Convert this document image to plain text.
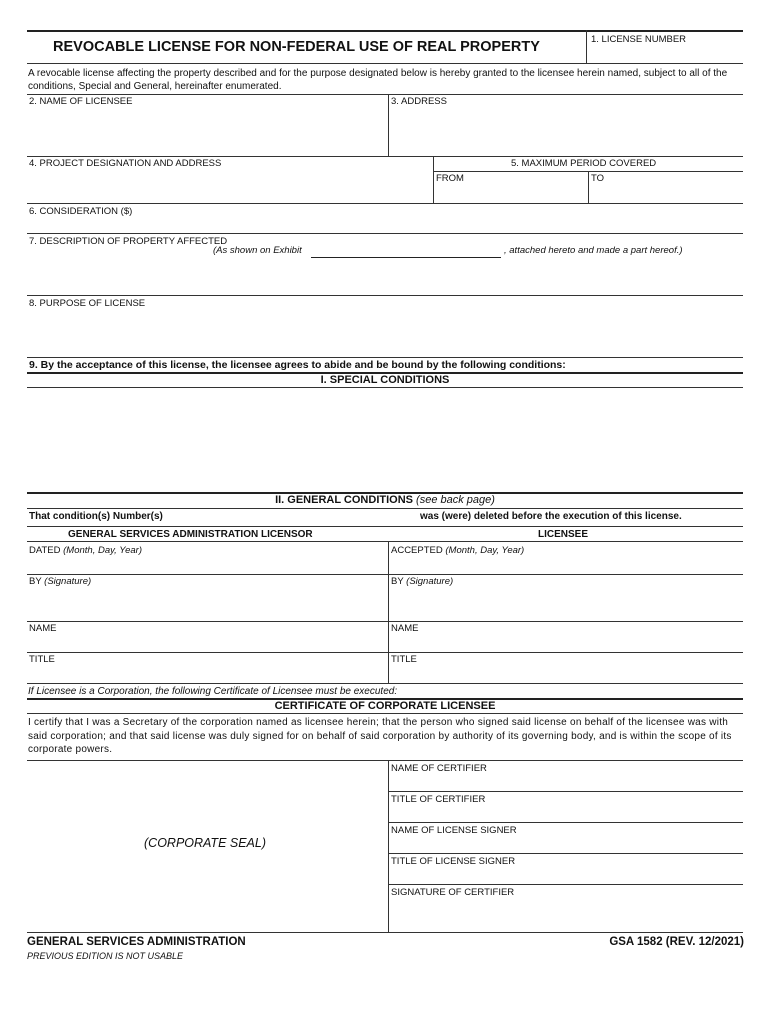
REVOCABLE LICENSE FOR NON-FEDERAL USE OF REAL PROPERTY	1. LICENSE NUMBER
A revocable license affecting the property described and for the purpose designated below is hereby granted to the licensee herein named, subject to all of the conditions, Special and General, hereinafter enumerated.
2. NAME OF LICENSEE	3. ADDRESS
4. PROJECT DESIGNATION AND ADDRESS	5. MAXIMUM PERIOD COVERED
FROM	TO
6. CONSIDERATION ($)
7. DESCRIPTION OF PROPERTY AFFECTED
(As shown on Exhibit	, attached hereto and made a part hereof.)
8. PURPOSE OF LICENSE
9. By the acceptance of this license, the licensee agrees to abide and be bound by the following conditions:
I. SPECIAL CONDITIONS
II. GENERAL CONDITIONS (see back page)
That condition(s) Number(s)	was (were) deleted before the execution of this license.
GENERAL SERVICES ADMINISTRATION LICENSOR	LICENSEE
DATED (Month, Day, Year)	ACCEPTED (Month, Day, Year)
BY (Signature)	BY (Signature)
NAME	NAME
TITLE	TITLE
If Licensee is a Corporation, the following Certificate of Licensee must be executed:
CERTIFICATE OF CORPORATE LICENSEE
I certify that I was a Secretary of the corporation named as licensee herein; that the person who signed said license on behalf of the licensee was with said corporation; and that said license was duly signed for on behalf of said corporation by authority of its governing body, and is within the scope of its corporate powers.
(CORPORATE SEAL)
NAME OF CERTIFIER
TITLE OF CERTIFIER
NAME OF LICENSE SIGNER
TITLE OF LICENSE SIGNER
SIGNATURE OF CERTIFIER
GENERAL SERVICES ADMINISTRATION
PREVIOUS EDITION IS NOT USABLE
GSA 1582 (REV. 12/2021)
